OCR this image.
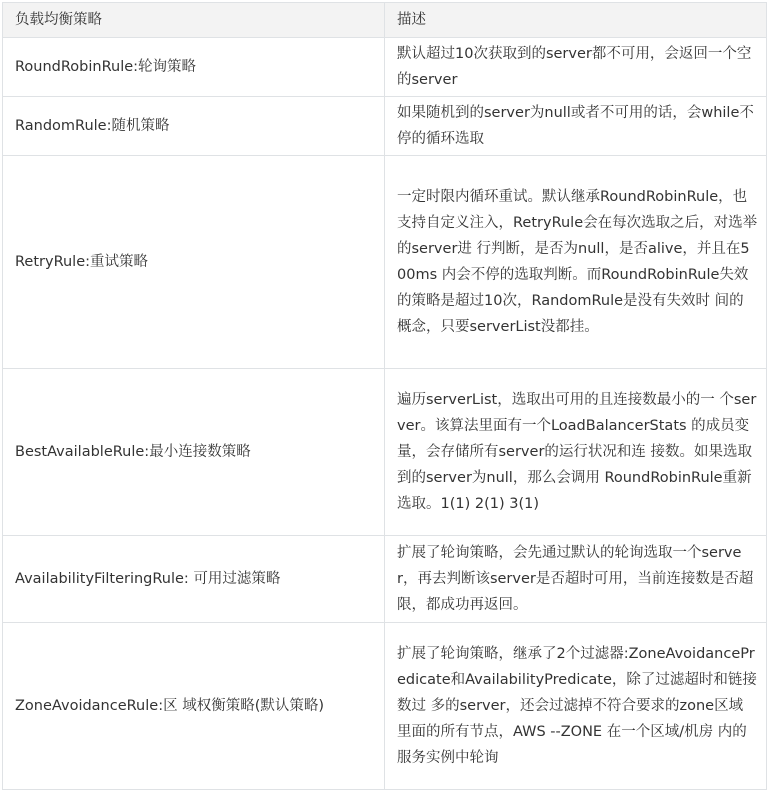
负载均衡策略	描述
RoundRobinRule:轮询策略	默认超过10次获取到的server都不可用，会返回一个空的server
RandomRule:随机策略	如果随机到的server为null或者不可用的话，会while不停的循环选取
RetryRule:重试策略	一定时限内循环重试。默认继承RoundRobinRule，也支持自定义注入，RetryRule会在每次选取之后，对选举的server进 行判断，是否为null，是否alive，并且在500ms 内会不停的选取判断。而RoundRobinRule失效 的策略是超过10次，RandomRule是没有失效时 间的概念，只要serverList没都挂。
BestAvailableRule:最小连接数策略	遍历serverList，选取出可用的且连接数最小的一 个server。该算法里面有一个LoadBalancerStats 的成员变量，会存储所有server的运行状况和连 接数。如果选取到的server为null，那么会调用 RoundRobinRule重新选取。1(1) 2(1) 3(1)
AvailabilityFilteringRule: 可用过滤策略	扩展了轮询策略，会先通过默认的轮询选取一个server，再去判断该server是否超时可用，当前连接数是否超限，都成功再返回。
ZoneAvoidanceRule:区 域权衡策略(默认策略)	扩展了轮询策略，继承了2个过滤器:ZoneAvoidancePredicate和AvailabilityPredicate，除了过滤超时和链接数过 多的server，还会过滤掉不符合要求的zone区域 里面的所有节点，AWS --ZONE 在一个区域/机房 内的服务实例中轮询
